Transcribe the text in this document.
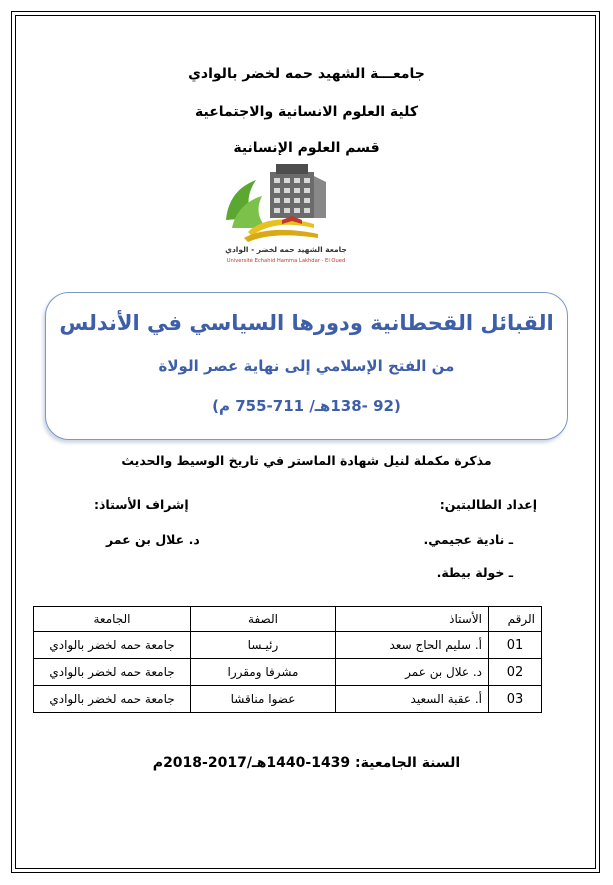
جامعـــة الشهيد حمه لخضر بالوادي
كلية العلوم الانسانية والاجتماعية
قسم العلوم الإنسانية
جامعة الشهيد حمه لخضر - الوادي
Université Echahid Hamma Lakhdar - El Oued
القبائل القحطانية ودورها السياسي في الأندلس
من الفتح الإسلامي إلى نهاية عصر الولاة
(92 -138هـ/ 711-755 م)
مذكرة مكملة لنيل شهادة الماستر في تاريخ الوسيط والحديث
إعداد الطالبتين:
ـ نادية عجيمي.
ـ خولة بيطة.
إشراف الأستاذ:
د. علال بن عمر
الرقم	الأستاذ	الصفة	الجامعة
01	أ. سليم الحاج سعد	رئيـسا	جامعة حمه لخضر بالوادي
02	د. علال بن عمر	مشرفا ومقررا	جامعة حمه لخضر بالوادي
03	أ. عقبة السعيد	عضوا مناقشا	جامعة حمه لخضر بالوادي
السنة الجامعية: 1439-1440هـ/2017-2018م
